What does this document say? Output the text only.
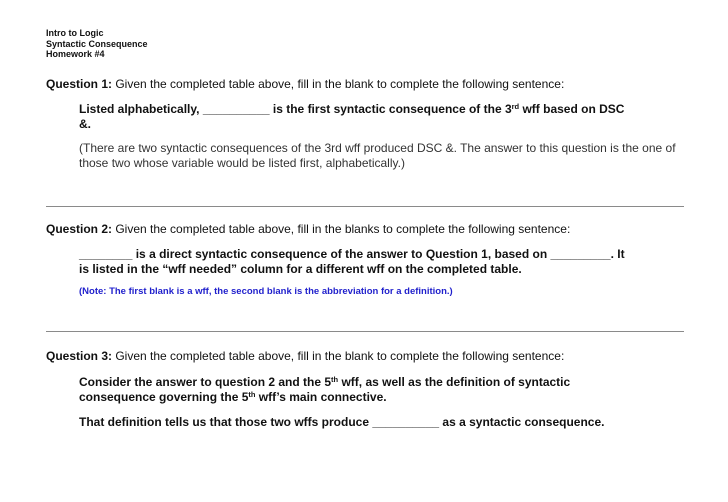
Intro to Logic
Syntactic Consequence
Homework #4
Question 1: Given the completed table above, fill in the blank to complete the following sentence:
Listed alphabetically, __________ is the first syntactic consequence of the 3rd wff based on DSC
&.
(There are two syntactic consequences of the 3rd wff produced DSC &. The answer to this question is the one of those two whose variable would be listed first, alphabetically.)
Question 2: Given the completed table above, fill in the blanks to complete the following sentence:
________ is a direct syntactic consequence of the answer to Question 1, based on _________. It
is listed in the “wff needed” column for a different wff on the completed table.
(Note: The first blank is a wff, the second blank is the abbreviation for a definition.)
Question 3: Given the completed table above, fill in the blank to complete the following sentence:
Consider the answer to question 2 and the 5th wff, as well as the definition of syntactic
consequence governing the 5th wff’s main connective.
That definition tells us that those two wffs produce __________ as a syntactic consequence.
